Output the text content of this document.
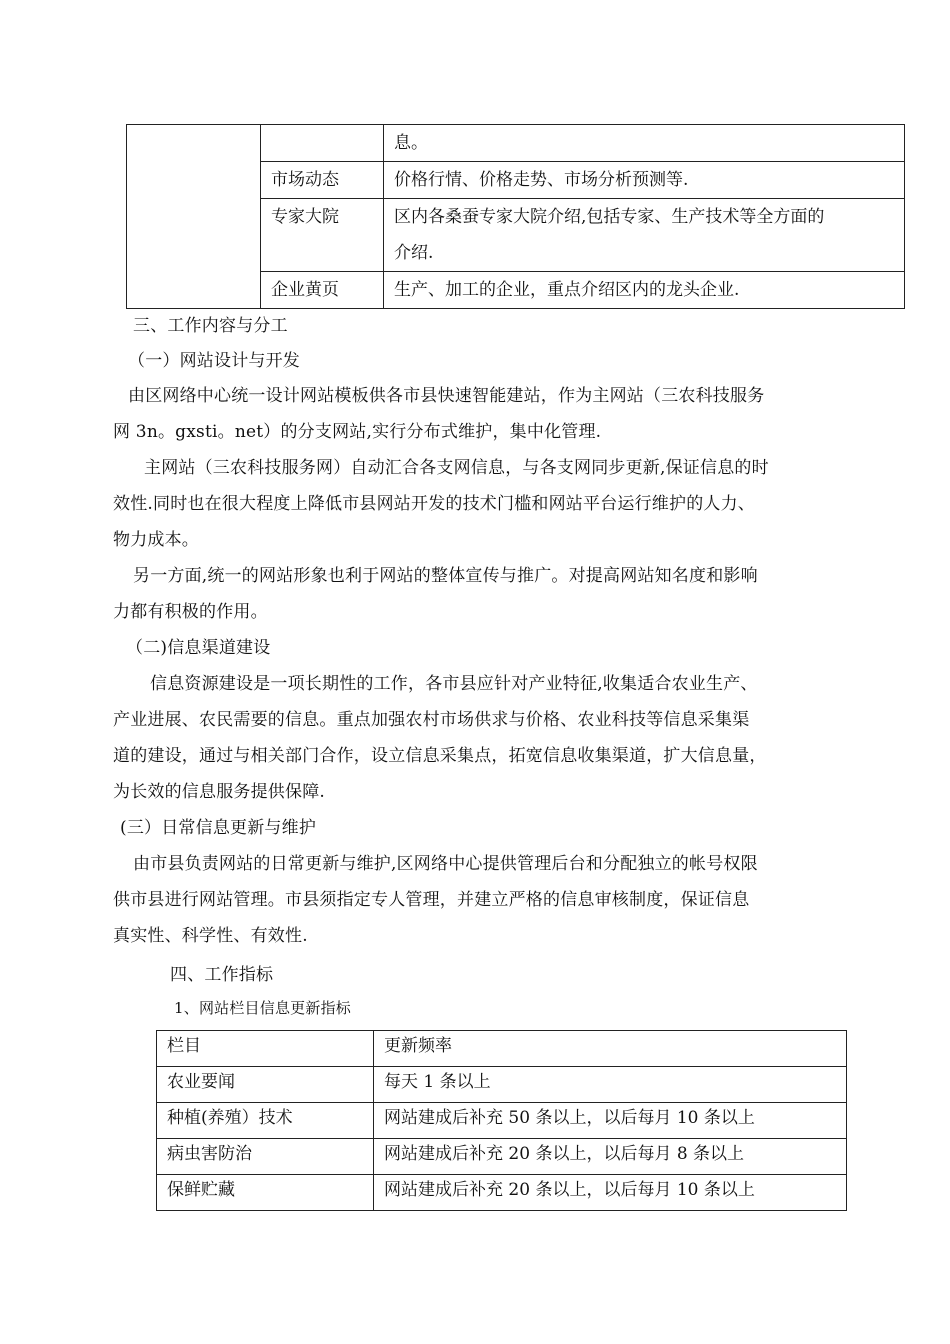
		息。
	市场动态	价格行情、价格走势、市场分析预测等.
	专家大院	区内各桑蚕专家大院介绍,包括专家、生产技术等全方面的
介绍.

	企业黄页	生产、加工的企业，重点介绍区内的龙头企业.
三、工作内容与分工
（一）网站设计与开发
由区网络中心统一设计网站模板供各市县快速智能建站，作为主网站（三农科技服务
网 3n。gxsti。net）的分支网站,实行分布式维护，集中化管理.
主网站（三农科技服务网）自动汇合各支网信息，与各支网同步更新,保证信息的时
效性.同时也在很大程度上降低市县网站开发的技术门槛和网站平台运行维护的人力、
物力成本。
另一方面,统一的网站形象也利于网站的整体宣传与推广。对提高网站知名度和影响
力都有积极的作用。
（二)信息渠道建设
信息资源建设是一项长期性的工作，各市县应针对产业特征,收集适合农业生产、
产业进展、农民需要的信息。重点加强农村市场供求与价格、农业科技等信息采集渠
道的建设，通过与相关部门合作，设立信息采集点，拓宽信息收集渠道，扩大信息量，
为长效的信息服务提供保障.
(三）日常信息更新与维护
由市县负责网站的日常更新与维护,区网络中心提供管理后台和分配独立的帐号权限
供市县进行网站管理。市县须指定专人管理，并建立严格的信息审核制度，保证信息
真实性、科学性、有效性.
四、工作指标
1、网站栏目信息更新指标
栏目	更新频率
农业要闻	每天 1 条以上
种植(养殖）技术	网站建成后补充 50 条以上，以后每月 10 条以上
病虫害防治	网站建成后补充 20 条以上，以后每月 8 条以上
保鲜贮藏	网站建成后补充 20 条以上，以后每月 10 条以上
